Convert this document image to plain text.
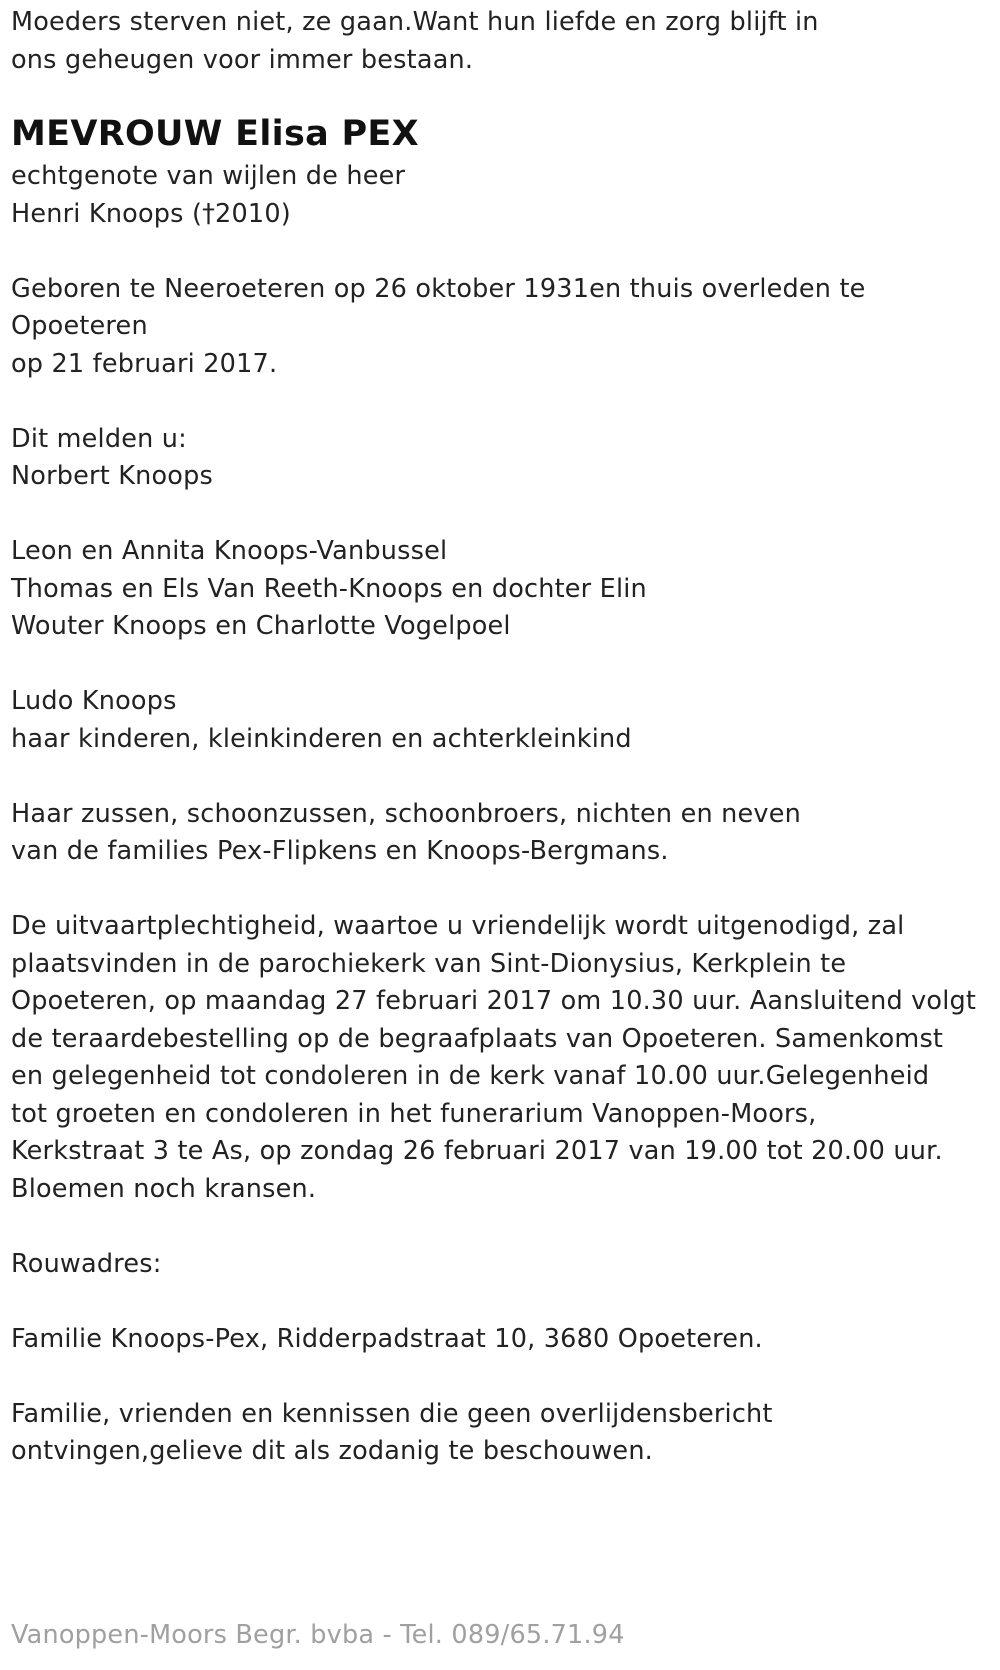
Moeders sterven niet, ze gaan.Want hun liefde en zorg blijft in
ons geheugen voor immer bestaan.
MEVROUW Elisa PEX
echtgenote van wijlen de heer
Henri Knoops (†2010)
Geboren te Neeroeteren op 26 oktober 1931en thuis overleden te
Opoeteren
op 21 februari 2017.
Dit melden u:
Norbert Knoops
Leon en Annita Knoops-Vanbussel
Thomas en Els Van Reeth-Knoops en dochter Elin
Wouter Knoops en Charlotte Vogelpoel
Ludo Knoops
haar kinderen, kleinkinderen en achterkleinkind
Haar zussen, schoonzussen, schoonbroers, nichten en neven
van de families Pex-Flipkens en Knoops-Bergmans.
De uitvaartplechtigheid, waartoe u vriendelijk wordt uitgenodigd, zal
plaatsvinden in de parochiekerk van Sint-Dionysius, Kerkplein te
Opoeteren, op maandag 27 februari 2017 om 10.30 uur. Aansluitend volgt
de teraardebestelling op de begraafplaats van Opoeteren. Samenkomst
en gelegenheid tot condoleren in de kerk vanaf 10.00 uur.Gelegenheid
tot groeten en condoleren in het funerarium Vanoppen-Moors,
Kerkstraat 3 te As, op zondag 26 februari 2017 van 19.00 tot 20.00 uur.
Bloemen noch kransen.
Rouwadres:
Familie Knoops-Pex, Ridderpadstraat 10, 3680 Opoeteren.
Familie, vrienden en kennissen die geen overlijdensbericht
ontvingen,gelieve dit als zodanig te beschouwen.
Vanoppen-Moors Begr. bvba - Tel. 089/65.71.94
